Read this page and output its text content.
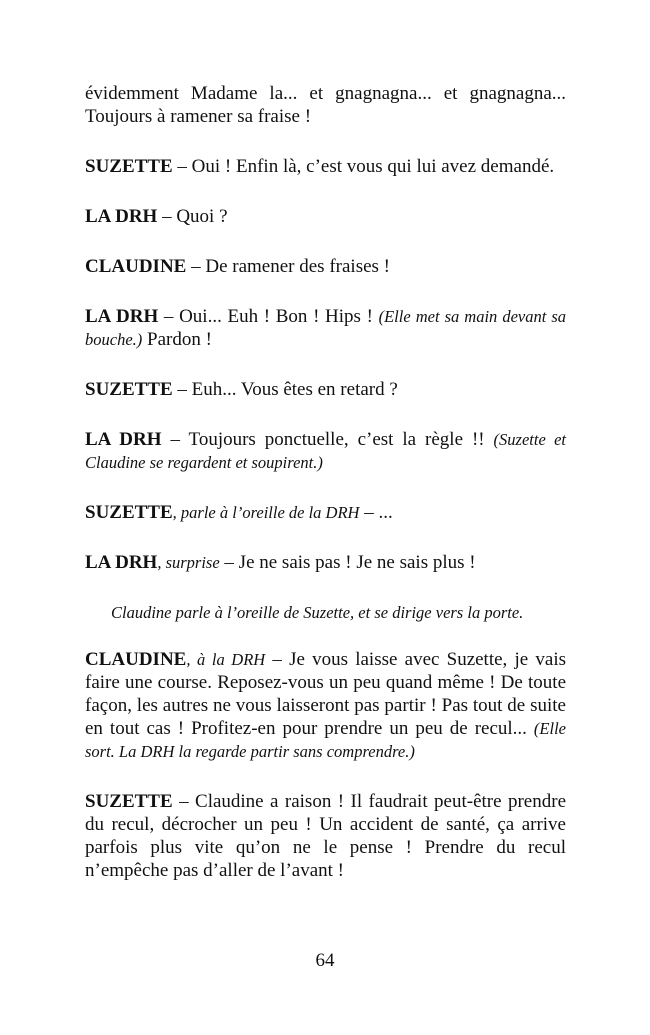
évidemment Madame la... et gnagnagna... et gnagnagna... Toujours à ramener sa fraise !

SUZETTE – Oui ! Enfin là, c’est vous qui lui avez demandé.

LA DRH – Quoi ?

CLAUDINE – De ramener des fraises !

LA DRH – Oui... Euh ! Bon ! Hips ! (Elle met sa main devant sa bouche.) Pardon !

SUZETTE – Euh... Vous êtes en retard ?

LA DRH – Toujours ponctuelle, c’est la règle !! (Suzette et Claudine se regardent et soupirent.)

SUZETTE, parle à l’oreille de la DRH – ...

LA DRH, surprise – Je ne sais pas ! Je ne sais plus !

Claudine parle à l’oreille de Suzette, et se dirige vers la porte.

CLAUDINE, à la DRH – Je vous laisse avec Suzette, je vais faire une course. Reposez-vous un peu quand même ! De toute façon, les autres ne vous laisseront pas partir ! Pas tout de suite en tout cas ! Profitez-en pour prendre un peu de recul... (Elle sort. La DRH la regarde partir sans comprendre.)

SUZETTE – Claudine a raison ! Il faudrait peut-être prendre du recul, décrocher un peu ! Un accident de santé, ça arrive parfois plus vite qu’on ne le pense ! Prendre du recul n’empêche pas d’aller de l’avant !

64
